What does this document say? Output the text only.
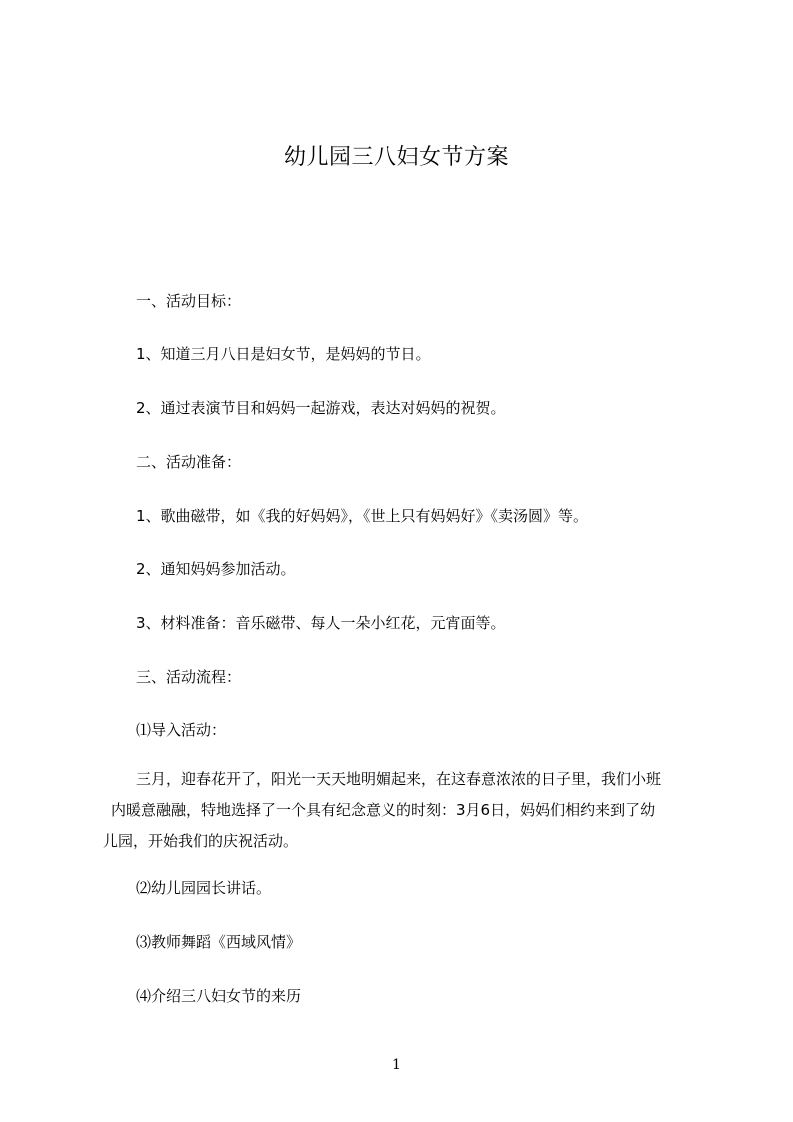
幼儿园三八妇女节方案
一、活动目标：
1、知道三月八日是妇女节，是妈妈的节日。
2、通过表演节目和妈妈一起游戏，表达对妈妈的祝贺。
二、活动准备：
1、歌曲磁带，如《我的好妈妈》，《世上只有妈妈好》《卖汤圆》等。
2、通知妈妈参加活动。
3、材料准备：音乐磁带、每人一朵小红花，元宵面等。
三、活动流程：
⑴导入活动：
三月，迎春花开了，阳光一天天地明媚起来，在这春意浓浓的日子里，我们小班
内暖意融融，特地选择了一个具有纪念意义的时刻：3月6日，妈妈们相约来到了幼
儿园，开始我们的庆祝活动。
⑵幼儿园园长讲话。
⑶教师舞蹈《西域风情》
⑷介绍三八妇女节的来历
1
